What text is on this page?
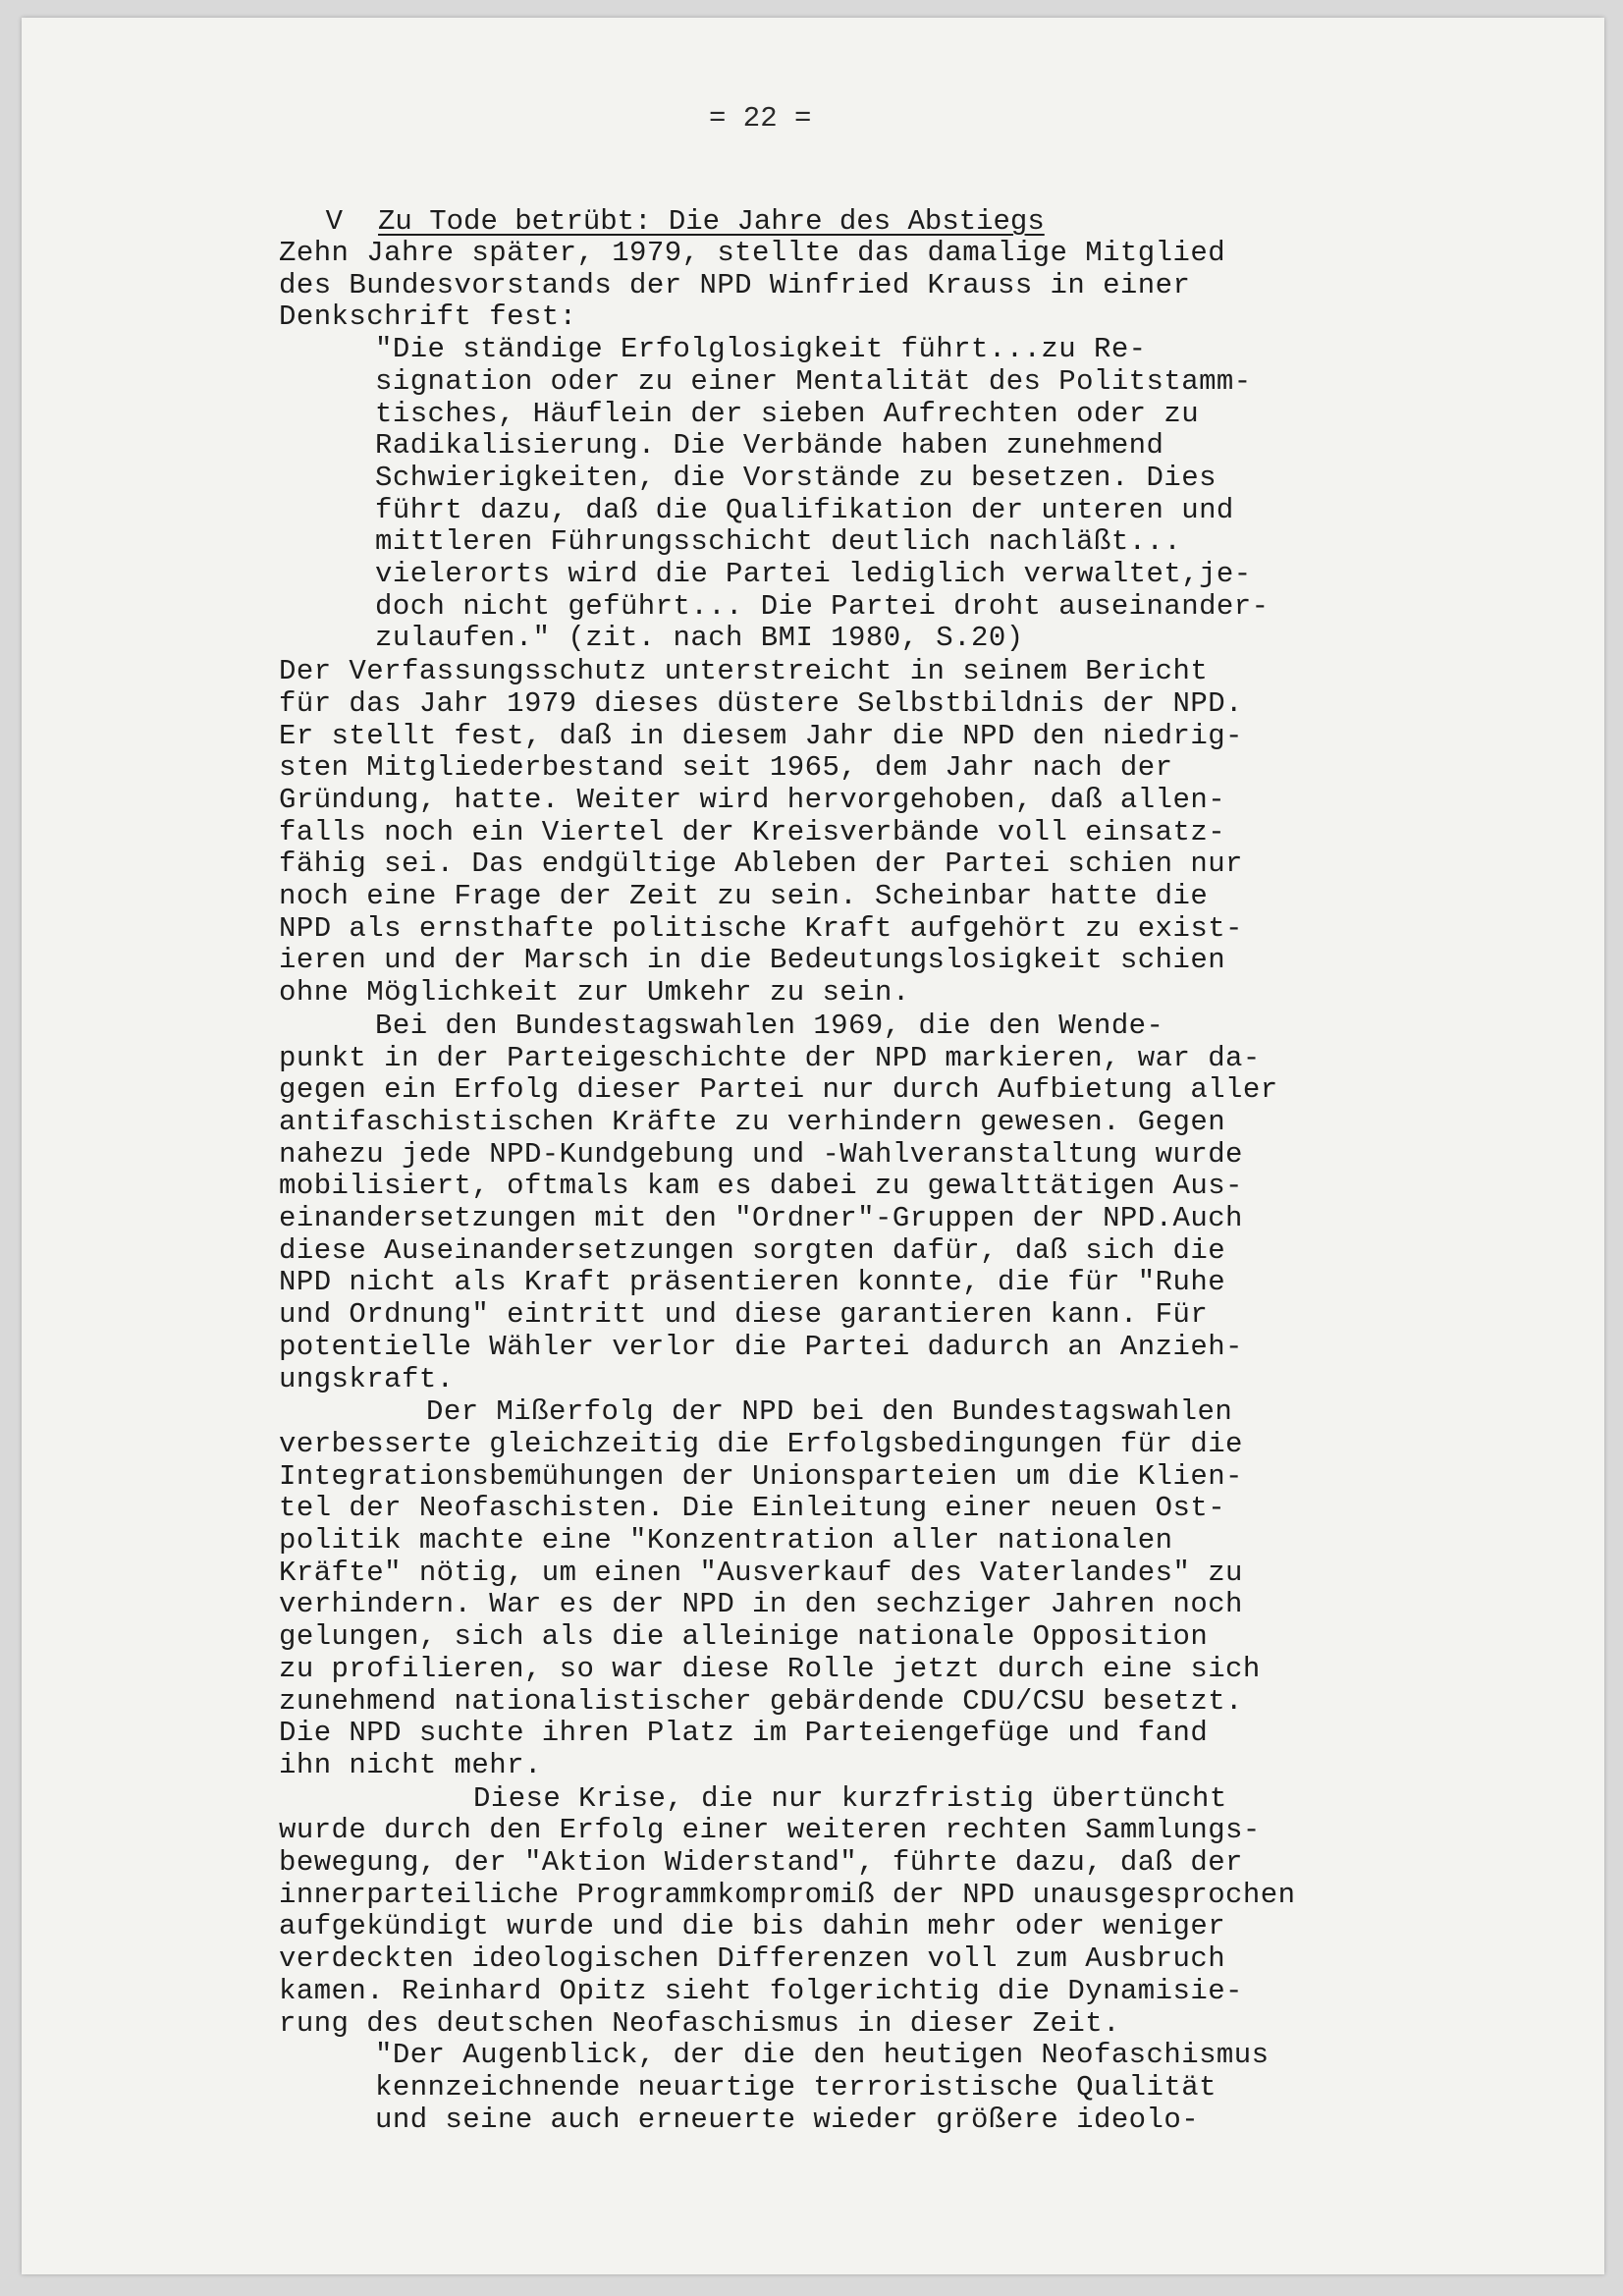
= 22 =

V Zu Tode betrübt: Die Jahre des Abstiegs

Zehn Jahre später, 1979, stellte das damalige Mitglied
des Bundesvorstands der NPD Winfried Krauss in einer
Denkschrift fest:
"Die ständige Erfolglosigkeit führt...zu Re-
signation oder zu einer Mentalität des Politstamm-
tisches, Häuflein der sieben Aufrechten oder zu
Radikalisierung. Die Verbände haben zunehmend
Schwierigkeiten, die Vorstände zu besetzen. Dies
führt dazu, daß die Qualifikation der unteren und
mittleren Führungsschicht deutlich nachläßt...
vielerorts wird die Partei lediglich verwaltet,je-
doch nicht geführt... Die Partei droht auseinander-
zulaufen." (zit. nach BMI 1980, S.20)
Der Verfassungsschutz unterstreicht in seinem Bericht
für das Jahr 1979 dieses düstere Selbstbildnis der NPD.
Er stellt fest, daß in diesem Jahr die NPD den niedrig-
sten Mitgliederbestand seit 1965, dem Jahr nach der
Gründung, hatte. Weiter wird hervorgehoben, daß allen-
falls noch ein Viertel der Kreisverbände voll einsatz-
fähig sei. Das endgültige Ableben der Partei schien nur
noch eine Frage der Zeit zu sein. Scheinbar hatte die
NPD als ernsthafte politische Kraft aufgehört zu exist-
ieren und der Marsch in die Bedeutungslosigkeit schien
ohne Möglichkeit zur Umkehr zu sein.
Bei den Bundestagswahlen 1969, die den Wende-
punkt in der Parteigeschichte der NPD markieren, war da-
gegen ein Erfolg dieser Partei nur durch Aufbietung aller
antifaschistischen Kräfte zu verhindern gewesen. Gegen
nahezu jede NPD-Kundgebung und -Wahlveranstaltung wurde
mobilisiert, oftmals kam es dabei zu gewalttätigen Aus-
einandersetzungen mit den "Ordner"-Gruppen der NPD.Auch
diese Auseinandersetzungen sorgten dafür, daß sich die
NPD nicht als Kraft präsentieren konnte, die für "Ruhe
und Ordnung" eintritt und diese garantieren kann. Für
potentielle Wähler verlor die Partei dadurch an Anzieh-
ungskraft.
Der Mißerfolg der NPD bei den Bundestagswahlen
verbesserte gleichzeitig die Erfolgsbedingungen für die
Integrationsbemühungen der Unionsparteien um die Klien-
tel der Neofaschisten. Die Einleitung einer neuen Ost-
politik machte eine "Konzentration aller nationalen
Kräfte" nötig, um einen "Ausverkauf des Vaterlandes" zu
verhindern. War es der NPD in den sechziger Jahren noch
gelungen, sich als die alleinige nationale Opposition
zu profilieren, so war diese Rolle jetzt durch eine sich
zunehmend nationalistischer gebärdende CDU/CSU besetzt.
Die NPD suchte ihren Platz im Parteiengefüge und fand
ihn nicht mehr.
Diese Krise, die nur kurzfristig übertüncht
wurde durch den Erfolg einer weiteren rechten Sammlungs-
bewegung, der "Aktion Widerstand", führte dazu, daß der
innerparteiliche Programmkompromiß der NPD unausgesprochen
aufgekündigt wurde und die bis dahin mehr oder weniger
verdeckten ideologischen Differenzen voll zum Ausbruch
kamen. Reinhard Opitz sieht folgerichtig die Dynamisie-
rung des deutschen Neofaschismus in dieser Zeit.
"Der Augenblick, der die den heutigen Neofaschismus
kennzeichnende neuartige terroristische Qualität
und seine auch erneuerte wieder größere ideolo-
